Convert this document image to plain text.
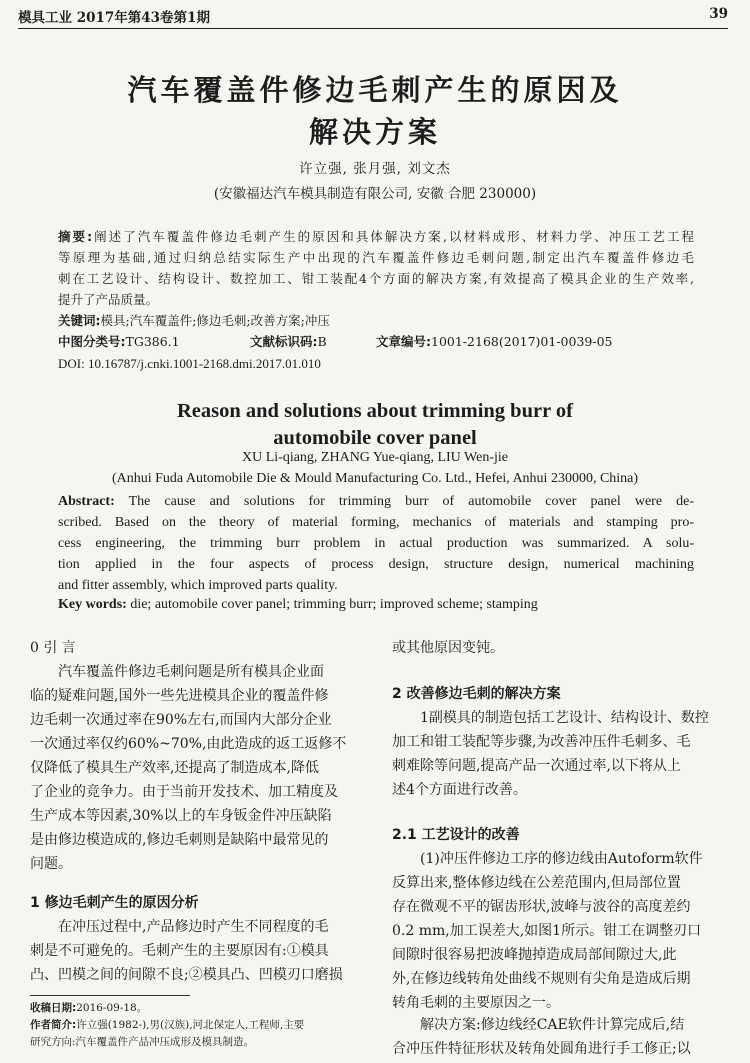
模具工业 2017年第43卷第1期	39
汽车覆盖件修边毛刺产生的原因及
解决方案
许立强, 张月强, 刘文杰
(安徽福达汽车模具制造有限公司, 安徽 合肥 230000)
摘要:阐述了汽车覆盖件修边毛刺产生的原因和具体解决方案,以材料成形、材料力学、冲压工艺工程
等原理为基础,通过归纳总结实际生产中出现的汽车覆盖件修边毛刺问题,制定出汽车覆盖件修边毛
刺在工艺设计、结构设计、数控加工、钳工装配4个方面的解决方案,有效提高了模具企业的生产效率,
提升了产品质量。
关键词:模具;汽车覆盖件;修边毛刺;改善方案;冲压
中图分类号:TG386.1	文献标识码:B	文章编号:1001-2168(2017)01-0039-05
DOI: 10.16787/j.cnki.1001-2168.dmi.2017.01.010
Reason and solutions about trimming burr of
automobile cover panel
XU Li-qiang, ZHANG Yue-qiang, LIU Wen-jie
(Anhui Fuda Automobile Die & Mould Manufacturing Co. Ltd., Hefei, Anhui 230000, China)
Abstract: The cause and solutions for trimming burr of automobile cover panel were de-
scribed. Based on the theory of material forming, mechanics of materials and stamping pro-
cess engineering, the trimming burr problem in actual production was summarized. A solu-
tion applied in the four aspects of process design, structure design, numerical machining
and fitter assembly, which improved parts quality.
Key words: die; automobile cover panel; trimming burr; improved scheme; stamping
0 引 言
汽车覆盖件修边毛刺问题是所有模具企业面
临的疑难问题,国外一些先进模具企业的覆盖件修
边毛刺一次通过率在90%左右,而国内大部分企业
一次通过率仅约60%~70%,由此造成的返工返修不
仅降低了模具生产效率,还提高了制造成本,降低
了企业的竞争力。由于当前开发技术、加工精度及
生产成本等因素,30%以上的车身钣金件冲压缺陷
是由修边模造成的,修边毛刺则是缺陷中最常见的
问题。
1 修边毛刺产生的原因分析
在冲压过程中,产品修边时产生不同程度的毛
刺是不可避免的。毛刺产生的主要原因有:①模具
凸、凹模之间的间隙不良;②模具凸、凹模刃口磨损
收稿日期:2016-09-18。
作者简介:许立强(1982-),男(汉族),河北保定人,工程师,主要
研究方向:汽车覆盖件产品冲压成形及模具制造。
或其他原因变钝。
2 改善修边毛刺的解决方案
1副模具的制造包括工艺设计、结构设计、数控
加工和钳工装配等步骤,为改善冲压件毛刺多、毛
刺难除等问题,提高产品一次通过率,以下将从上
述4个方面进行改善。
2.1 工艺设计的改善
(1)冲压件修边工序的修边线由Autoform软件
反算出来,整体修边线在公差范围内,但局部位置
存在微观不平的锯齿形状,波峰与波谷的高度差约
0.2 mm,加工误差大,如图1所示。钳工在调整刃口
间隙时很容易把波峰抛掉造成局部间隙过大,此
外,在修边线转角处曲线不规则有尖角是造成后期
转角毛刺的主要原因之一。
解决方案:修边线经CAE软件计算完成后,结
合冲压件特征形状及转角处圆角进行手工修正;以
